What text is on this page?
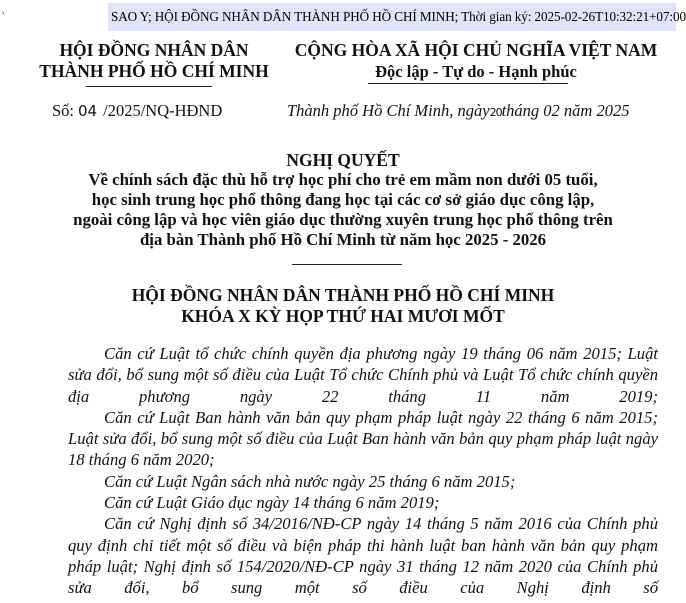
,	SAO Y; HỘI ĐỒNG NHÂN DÂN THÀNH PHỐ HỒ CHÍ MINH; Thời gian ký: 2025-02-26T10:32:21+07:00
HỘI ĐỒNG NHÂN DÂN
THÀNH PHỐ HỒ CHÍ MINH
CỘNG HÒA XÃ HỘI CHỦ NGHĨA VIỆT NAM
Độc lập - Tự do - Hạnh phúc
Số: 04 /2025/NQ-HĐND	Thành phố Hồ Chí Minh, ngày20tháng 02 năm 2025
NGHỊ QUYẾT
Về chính sách đặc thù hỗ trợ học phí cho trẻ em mầm non dưới 05 tuổi,
học sinh trung học phổ thông đang học tại các cơ sở giáo dục công lập,
ngoài công lập và học viên giáo dục thường xuyên trung học phổ thông trên
địa bàn Thành phố Hồ Chí Minh từ năm học 2025 - 2026
HỘI ĐỒNG NHÂN DÂN THÀNH PHỐ HỒ CHÍ MINH
KHÓA X KỲ HỌP THỨ HAI MƯƠI MỐT

Căn cứ Luật tổ chức chính quyền địa phương ngày 19 tháng 06 năm 2015; Luật sửa đổi, bổ sung một số điều của Luật Tổ chức Chính phủ và Luật Tổ chức chính quyền địa phương ngày 22 tháng 11 năm 2019;

Căn cứ Luật Ban hành văn bản quy phạm pháp luật ngày 22 tháng 6 năm 2015; Luật sửa đổi, bổ sung một số điều của Luật Ban hành văn bản quy phạm pháp luật ngày 18 tháng 6 năm 2020;

Căn cứ Luật Ngân sách nhà nước ngày 25 tháng 6 năm 2015;

Căn cứ Luật Giáo dục ngày 14 tháng 6 năm 2019;

Căn cứ Nghị định số 34/2016/NĐ-CP ngày 14 tháng 5 năm 2016 của Chính phủ quy định chi tiết một số điều và biện pháp thi hành luật ban hành văn bản quy phạm pháp luật; Nghị định số 154/2020/NĐ-CP ngày 31 tháng 12 năm 2020 của Chính phủ sửa đổi, bổ sung một số điều của Nghị định số
